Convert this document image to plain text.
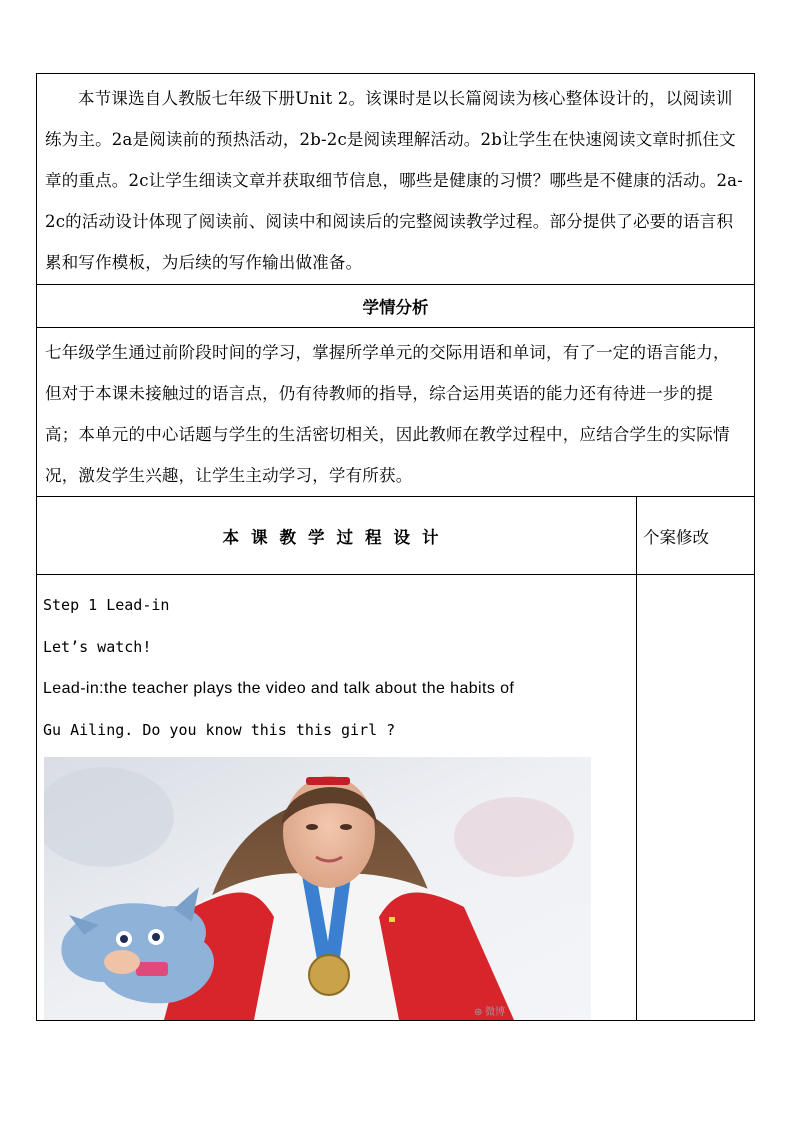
本节课选自人教版七年级下册Unit 2。该课时是以长篇阅读为核心整体设计的，以阅读训练为主。2a是阅读前的预热活动，2b-2c是阅读理解活动。2b让学生在快速阅读文章时抓住文章的重点。2c让学生细读文章并获取细节信息，哪些是健康的习惯？哪些是不健康的活动。2a-2c的活动设计体现了阅读前、阅读中和阅读后的完整阅读教学过程。部分提供了必要的语言积累和写作模板，为后续的写作输出做准备。	

学情分析	

七年级学生通过前阶段时间的学习，掌握所学单元的交际用语和单词，有了一定的语言能力，但对于本课未接触过的语言点，仍有待教师的指导，综合运用英语的能力还有待进一步的提高；本单元的中心话题与学生的生活密切相关，因此教师在教学过程中，应结合学生的实际情况，激发学生兴趣，让学生主动学习，学有所获。	

本课教学过程设计	个案修改

Step 1 Lead-in

Let’s watch!

Lead-in:the teacher plays the video and talk about the habits of

Gu Ailing. Do you know this this girl ?

⊛ 微博	
